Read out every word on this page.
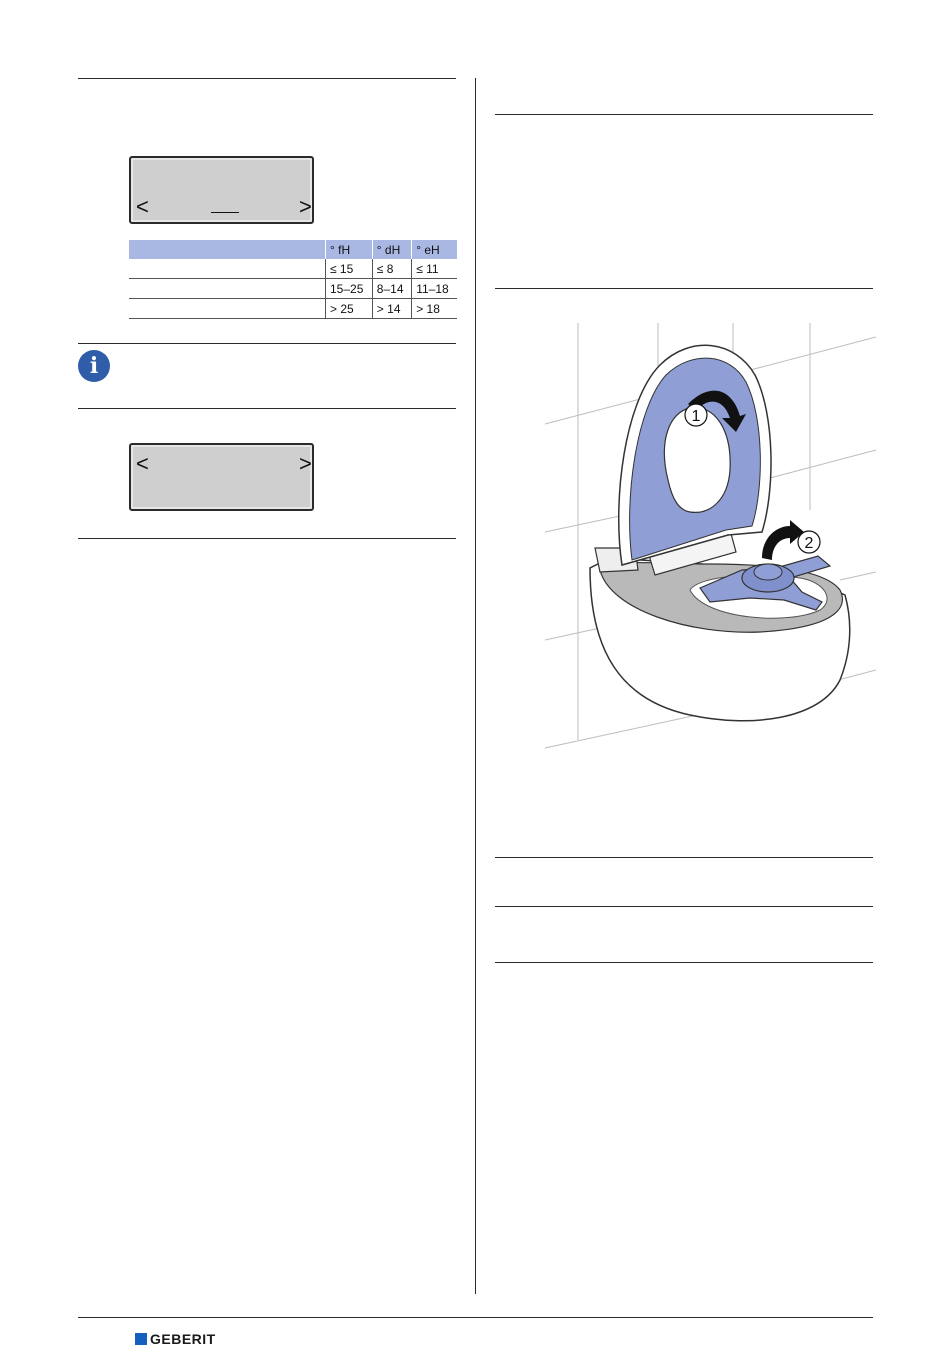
<	>
	° fH	° dH	° eH
	≤ 15	≤ 8	≤ 11
	15–25	8–14	11–18
	> 25	> 14	> 18
i
<	>
1
2
GEBERIT
